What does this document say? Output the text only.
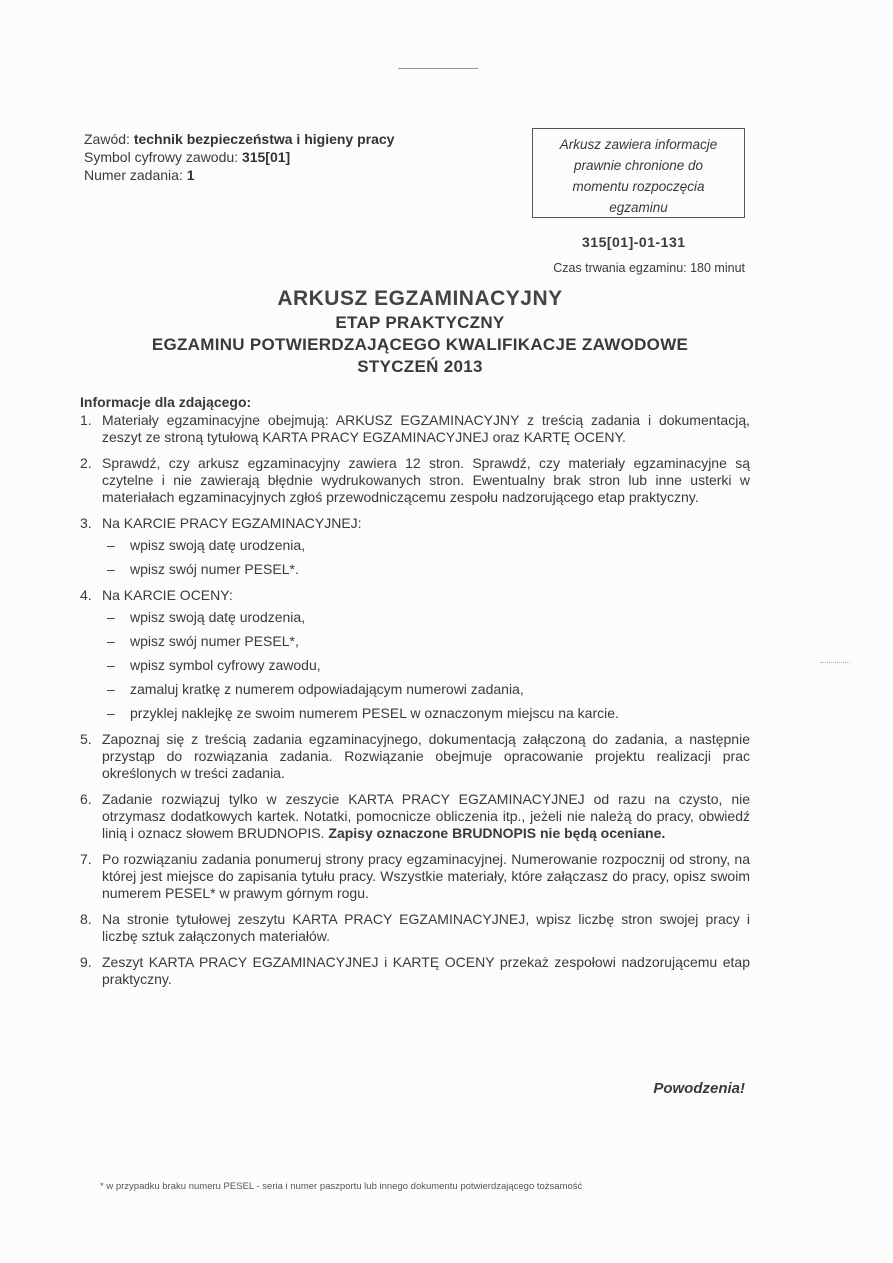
Zawód: technik bezpieczeństwa i higieny pracy
Symbol cyfrowy zawodu: 315[01]
Numer zadania: 1
Arkusz zawiera informacje
prawnie chronione do
momentu rozpoczęcia
egzaminu
315[01]-01-131
Czas trwania egzaminu: 180 minut
ARKUSZ EGZAMINACYJNY
ETAP PRAKTYCZNY
EGZAMINU POTWIERDZAJĄCEGO KWALIFIKACJE ZAWODOWE
STYCZEŃ 2013
Informacje dla zdającego:
1. Materiały egzaminacyjne obejmują: ARKUSZ EGZAMINACYJNY z treścią zadania i dokumentacją, zeszyt ze stroną tytułową KARTA PRACY EGZAMINACYJNEJ oraz KARTĘ OCENY.
2. Sprawdź, czy arkusz egzaminacyjny zawiera 12 stron. Sprawdź, czy materiały egzaminacyjne są czytelne i nie zawierają błędnie wydrukowanych stron. Ewentualny brak stron lub inne usterki w materiałach egzaminacyjnych zgłoś przewodniczącemu zespołu nadzorującego etap praktyczny.
3. Na KARCIE PRACY EGZAMINACYJNEJ:
– wpisz swoją datę urodzenia,
– wpisz swój numer PESEL*.
4. Na KARCIE OCENY:
– wpisz swoją datę urodzenia,
– wpisz swój numer PESEL*,
– wpisz symbol cyfrowy zawodu,
– zamaluj kratkę z numerem odpowiadającym numerowi zadania,
– przyklej naklejkę ze swoim numerem PESEL w oznaczonym miejscu na karcie.
5. Zapoznaj się z treścią zadania egzaminacyjnego, dokumentacją załączoną do zadania, a następnie przystąp do rozwiązania zadania. Rozwiązanie obejmuje opracowanie projektu realizacji prac określonych w treści zadania.
6. Zadanie rozwiązuj tylko w zeszycie KARTA PRACY EGZAMINACYJNEJ od razu na czysto, nie otrzymasz dodatkowych kartek. Notatki, pomocnicze obliczenia itp., jeżeli nie należą do pracy, obwiedź linią i oznacz słowem BRUDNOPIS. Zapisy oznaczone BRUDNOPIS nie będą oceniane.
7. Po rozwiązaniu zadania ponumeruj strony pracy egzaminacyjnej. Numerowanie rozpocznij od strony, na której jest miejsce do zapisania tytułu pracy. Wszystkie materiały, które załączasz do pracy, opisz swoim numerem PESEL* w prawym górnym rogu.
8. Na stronie tytułowej zeszytu KARTA PRACY EGZAMINACYJNEJ, wpisz liczbę stron swojej pracy i liczbę sztuk załączonych materiałów.
9. Zeszyt KARTA PRACY EGZAMINACYJNEJ i KARTĘ OCENY przekaż zespołowi nadzorującemu etap praktyczny.
Powodzenia!
* w przypadku braku numeru PESEL - seria i numer paszportu lub innego dokumentu potwierdzającego tożsamość
